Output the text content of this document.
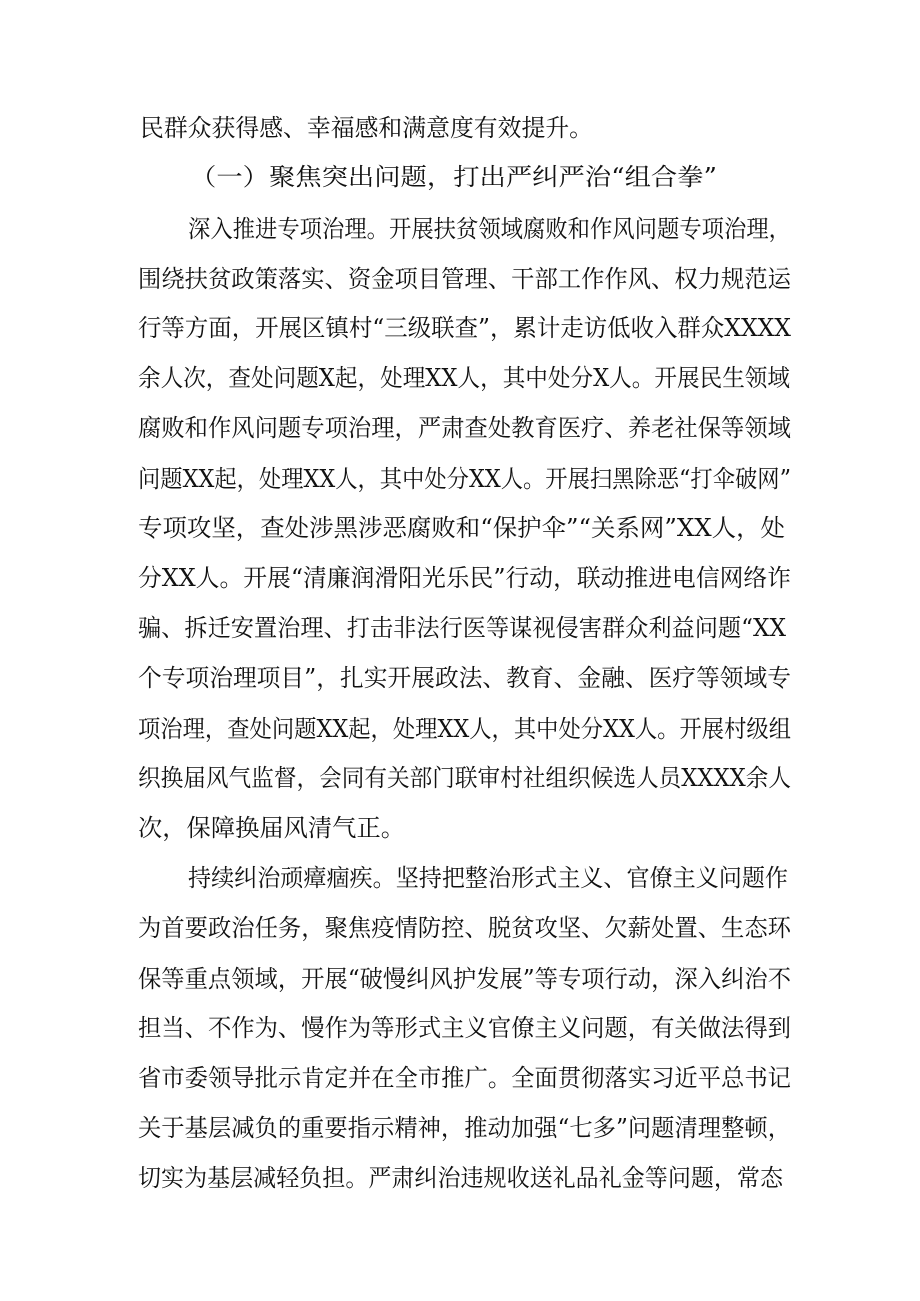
民群众获得感、幸福感和满意度有效提升。
（一）聚焦突出问题，打出严纠严治“组合拳”
深入推进专项治理。开展扶贫领域腐败和作风问题专项治理，
围绕扶贫政策落实、资金项目管理、干部工作作风、权力规范运
行等方面，开展区镇村“三级联查”，累计走访低收入群众XXXX
余人次，查处问题X起，处理XX人，其中处分X人。开展民生领域
腐败和作风问题专项治理，严肃查处教育医疗、养老社保等领域
问题XX起，处理XX人，其中处分XX人。开展扫黑除恶“打伞破网”
专项攻坚，查处涉黑涉恶腐败和“保护伞”“关系网”XX人，处
分XX人。开展“清廉润滑阳光乐民”行动，联动推进电信网络诈
骗、拆迁安置治理、打击非法行医等谋视侵害群众利益问题“XX
个专项治理项目”，扎实开展政法、教育、金融、医疗等领域专
项治理，查处问题XX起，处理XX人，其中处分XX人。开展村级组
织换届风气监督，会同有关部门联审村社组织候选人员XXXX余人
次，保障换届风清气正。
持续纠治顽瘴痼疾。坚持把整治形式主义、官僚主义问题作
为首要政治任务，聚焦疫情防控、脱贫攻坚、欠薪处置、生态环
保等重点领域，开展“破慢纠风护发展”等专项行动，深入纠治不
担当、不作为、慢作为等形式主义官僚主义问题，有关做法得到
省市委领导批示肯定并在全市推广。全面贯彻落实习近平总书记
关于基层减负的重要指示精神，推动加强“七多”问题清理整顿，
切实为基层减轻负担。严肃纠治违规收送礼品礼金等问题，常态
